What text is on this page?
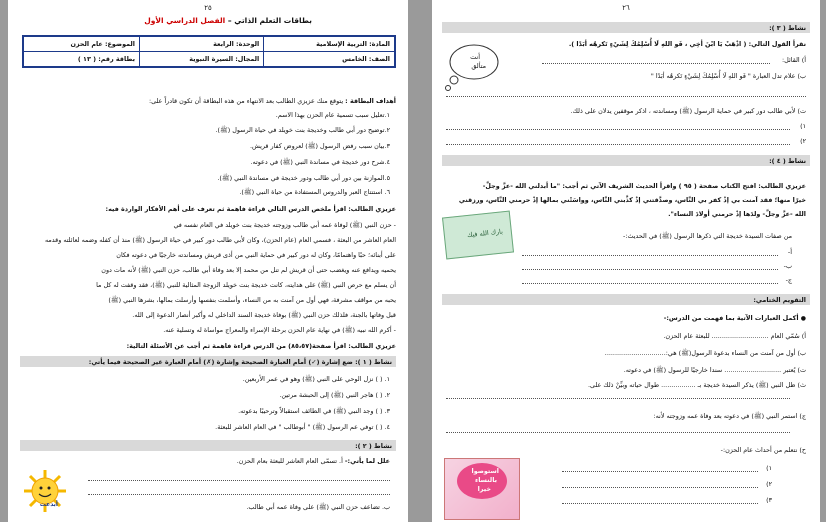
٢٥
بطاقات التعلم الذاتي – الفصل الدراسي الأول
المادة: التربية الإسلامية	الوحدة: الرابعة	الموضوع: عام الحزن
الصف: الخامس	المجال: السيرة النبوية	بطاقة رقم: ( ١٣ )
أهداف البطاقة : يتوقع منك عزيزي الطالب بعد الانتهاء من هذه البطاقة أن تكون قادراً على:
١.تعليل سبب تسمية عام الحزن بهذا الاسم.
٢.توضيح دور أبي طالب وخديجة بنت خويلد في حياة الرسول (ﷺ).
٣.بيان سبب رفض الرسول (ﷺ) لعروض كفار قريش.
٤.شرح دور خديجة في مساندة النبي (ﷺ) في دعوته.
٥.الموازنة بين دور أبي طالب ودور خديجة في مساندة النبي (ﷺ).
٦. استنتاج العبر والدروس المستفادة من حياة النبي (ﷺ).
عزيزي الطالب: اقرأ ملخص الدرس التالي قراءة فاهمة ثم تعرف على أهم الأفكار الواردة فيه:
- حزن النبي (ﷺ) لوفاة عمه أبي طالب وزوجته خديجة بنت خويلد في العام نفسه في
العام العاشر من البعثة ، فسمي العام (عام الحزن)، وكان لأبي طالب دور كبير في حياة الرسول (ﷺ) منذ أن كفله وضمه لعائلته وقدمه
على أبنائه؛ حبًا واهتمامًا، وكان له دور كبير في حماية النبي من أذى قريش ومساندته خارجيًا في دعوته فكان
يحميه ويدافع عنه ويغضب حتى أن قريش لم تنل من محمد إلا بعد وفاة أبي طالب، حزن النبي (ﷺ) لأنه مات دون
أن يسلم مع حرص النبي (ﷺ) على هدايته، كانت خديجة بنت خويلد الزوجة المثالية للنبي (ﷺ)، فقد وقفت له كل ما
يحبه من مواقف مشرفة، فهي أول من آمنت به من النساء، وأسلمت بنفسها وأرسلت بمالها، بشرها النبي (ﷺ)
قبل وفاتها بالجنة، فلذلك حزن النبي (ﷺ) بوفاة خديجة السند الداخلي له وأكبر أنصار الدعوة إلى الله.
- أكرم الله نبيه (ﷺ) في نهاية عام الحزن برحلة الإسراء والمعراج مواساة له وتسلية عنه.
عزيزي الطالب: اقرأ صفحة(٨٥،٥٧) من الدرس قراءة فاهمة ثم أجب عن الأسئلة التالية:
نشاط ( ١ ): ضع إشارة (✓) أمام العبارة الصحيحة وإشارة (✗) أمام العبارة غير الصحيحة فيما يأتي:
١. ( ) نزل الوحي على النبي (ﷺ) وهو في عمر الأربعين.
٢. ( ) هاجر النبي (ﷺ) إلى الحبشة مرتين.
٣. ( ) وجد النبي (ﷺ) في الطائف استقبالاً وترحيبًا بدعوته.
٤. ( ) توفي عم الرسول (ﷺ) " أبوطالب " في العام العاشر للبعثة.
نشاط ( ٢ ):
علل لما يأتي:- أ. تسمّى العام العاشر للبعثة بعام الحزن.
ب. تضاعف حزن النبي (ﷺ) على وفاة عمه أبي طالب.
أبدعت
٢٦
نشاط ( ٣ ):
نقرأ القول التالي: ( اذْهَبْ يَا ابْنَ أخِي ، فَو اللهِ لَا أُسْلِمُكَ لِشَيْءٍ تَكرهُه أبَدًا ).
أ) القائل:
ب) علام تدل العبارة " فَو اللهِ لَا أُسْلِمُكَ لِشَيْءٍ تَكرهُه أبَدًا "
ت) لأبي طالب دور كبير في حماية الرسول (ﷺ) ومساندته ، اذكر موقفين يدلان على ذلك.
١)
٢)
أنت
متألق
نشاط ( ٤ ):
عزيزي الطالب: افتح الكتاب صفحة ( ٩٥ ) واقرأ الحديث الشريف الآتي ثم أجب: "ما أبدلني الله -عزَّ وجلَّ-
خيرًا منها؛ فقد آمنت بي إذْ كفر بي النَّاس، وصدَّقتني إذْ كذَّبني النَّاس، وواسَتْني بمالها إذْ حرمني النَّاس، ورزقني
الله -عزَّ وجلَّ- ولدَها إذْ حرمني أولادَ النساء".
بارك الله فيك	من صفات السيدة خديجة التي ذكرها الرسول (ﷺ) في الحديث:-
أ-
ب-
ج-
التقويم الختامي:
● أكمل العبارات الآتية بما فهمت من الدرس:-
أ) سُمّي العام ............................ للبعثة عام الحزن.
ب) أول من آمنت من النساء بدعوة الرسول(ﷺ) هي:..............................
ت) يُعتبر ............................ سندا خارجيًا للرسول (ﷺ) في دعوته.
ث) ظل النبي (ﷺ) يذكر السيدة خديجة بـ ................. طوال حياته وبيِّنْ ذلك على.
ج) استمر النبي (ﷺ) في دعوته بعد وفاة عمه وزوجته لأنه:
ح) نتعلم من أحداث عام الحزن:-
١)
٢)
٣)
استوصوا
بالنساء
خيرا
